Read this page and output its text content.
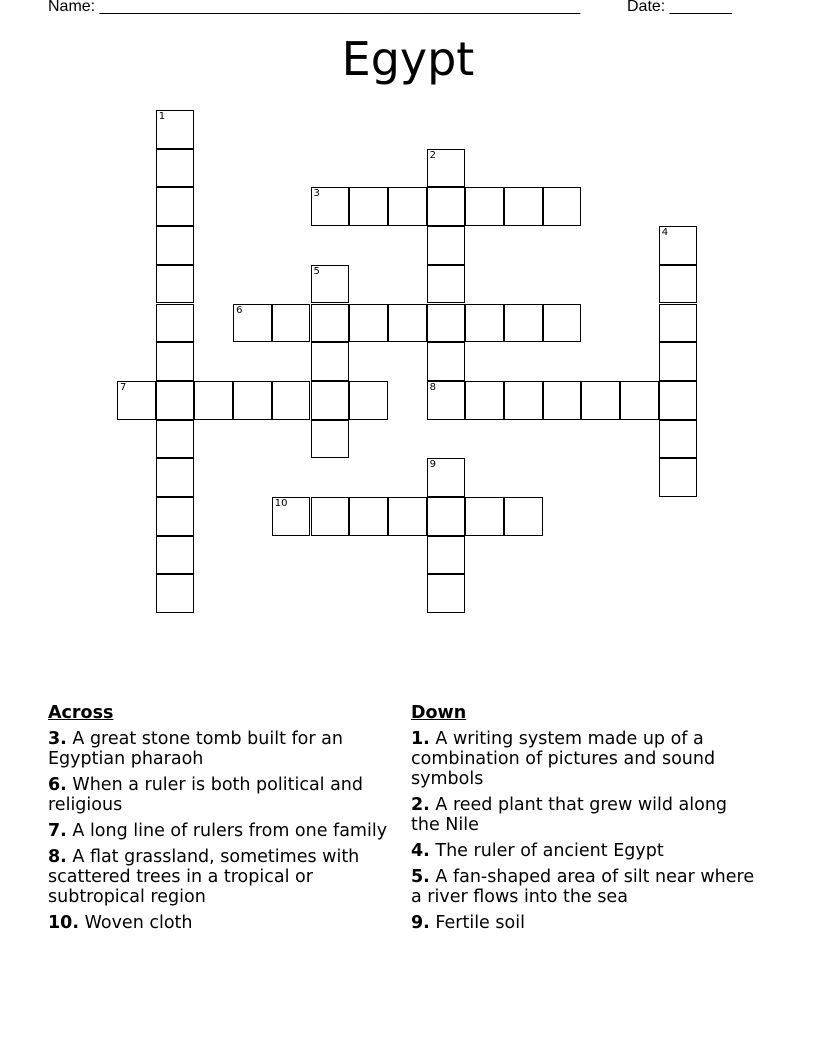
Name: ______________________________________________________	Date: _______
Egypt
1
2
8
3
4
5
6
7
9
10
Across
3. A great stone tomb built for an Egyptian pharaoh
6. When a ruler is both political and religious
7. A long line of rulers from one family
8. A flat grassland, sometimes with scattered trees in a tropical or subtropical region
10. Woven cloth
Down
1. A writing system made up of a combination of pictures and sound symbols
2. A reed plant that grew wild along the Nile
4. The ruler of ancient Egypt
5. A fan-shaped area of silt near where a river flows into the sea
9. Fertile soil
